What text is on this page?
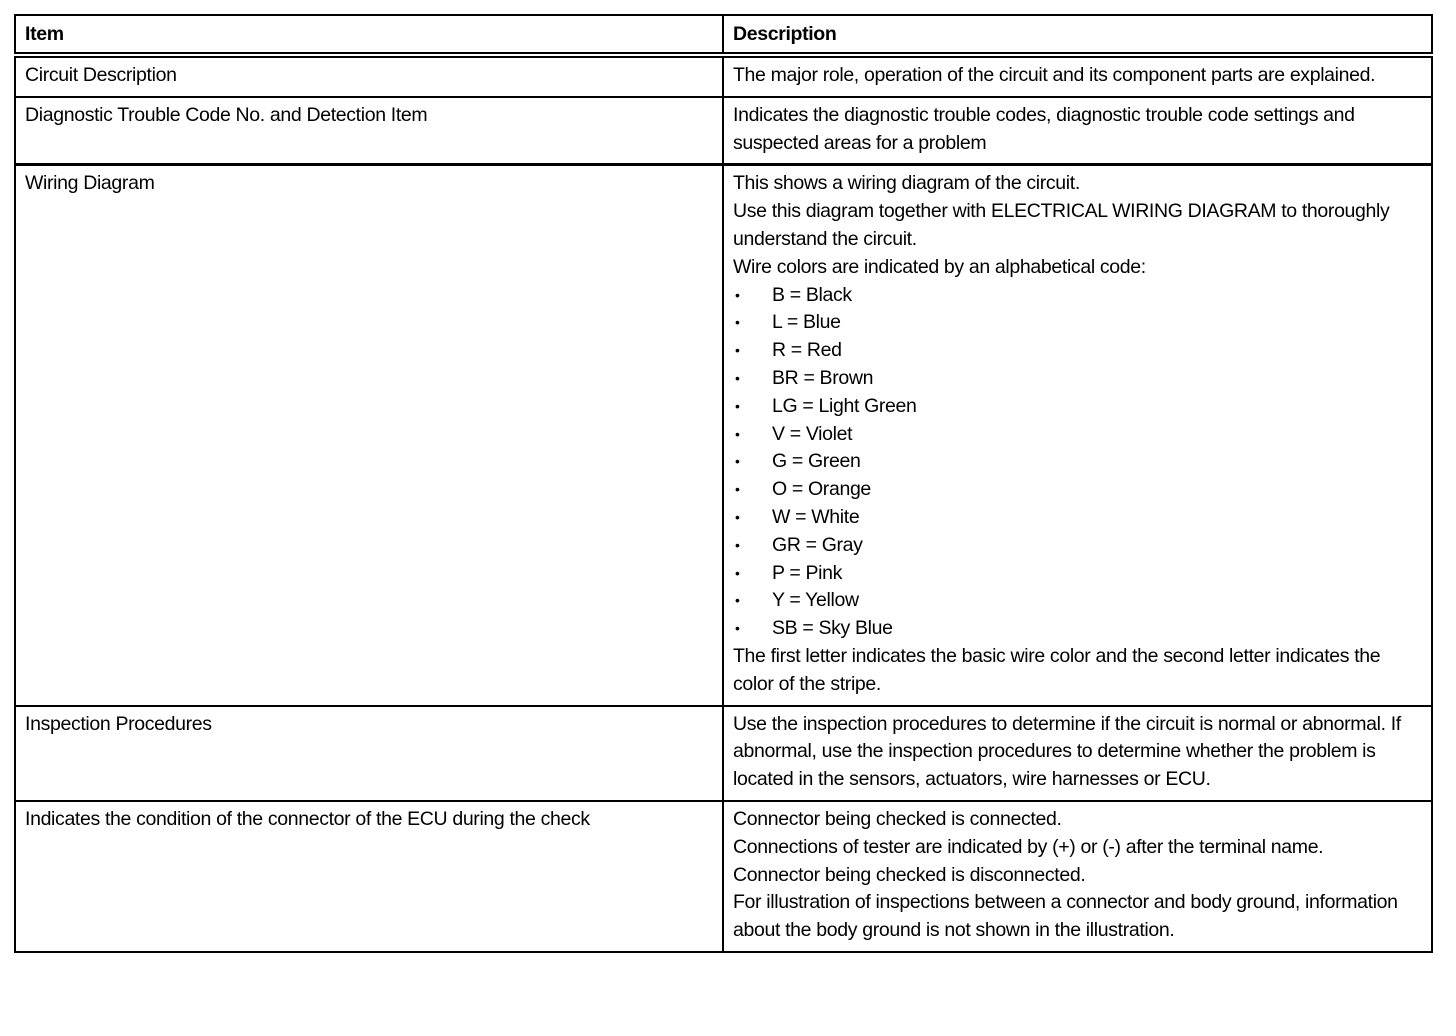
Item	Description
Circuit Description	The major role, operation of the circuit and its component parts are explained.

Diagnostic Trouble Code No. and Detection Item	Indicates the diagnostic trouble codes, diagnostic trouble code settings and suspected areas for a problem

Wiring Diagram	This shows a wiring diagram of the circuit.
Use this diagram together with ELECTRICAL WIRING DIAGRAM to thoroughly understand the circuit.
Wire colors are indicated by an alphabetical code:
• B = Black
• L = Blue
• R = Red
• BR = Brown
• LG = Light Green
• V = Violet
• G = Green
• O = Orange
• W = White
• GR = Gray
• P = Pink
• Y = Yellow
• SB = Sky Blue
The first letter indicates the basic wire color and the second letter indicates the color of the stripe.

Inspection Procedures	Use the inspection procedures to determine if the circuit is normal or abnormal. If abnormal, use the inspection procedures to determine whether the problem is located in the sensors, actuators, wire harnesses or ECU.

Indicates the condition of the connector of the ECU during the check	Connector being checked is connected.
Connections of tester are indicated by (+) or (-) after the terminal name.
Connector being checked is disconnected.
For illustration of inspections between a connector and body ground, information about the body ground is not shown in the illustration.
